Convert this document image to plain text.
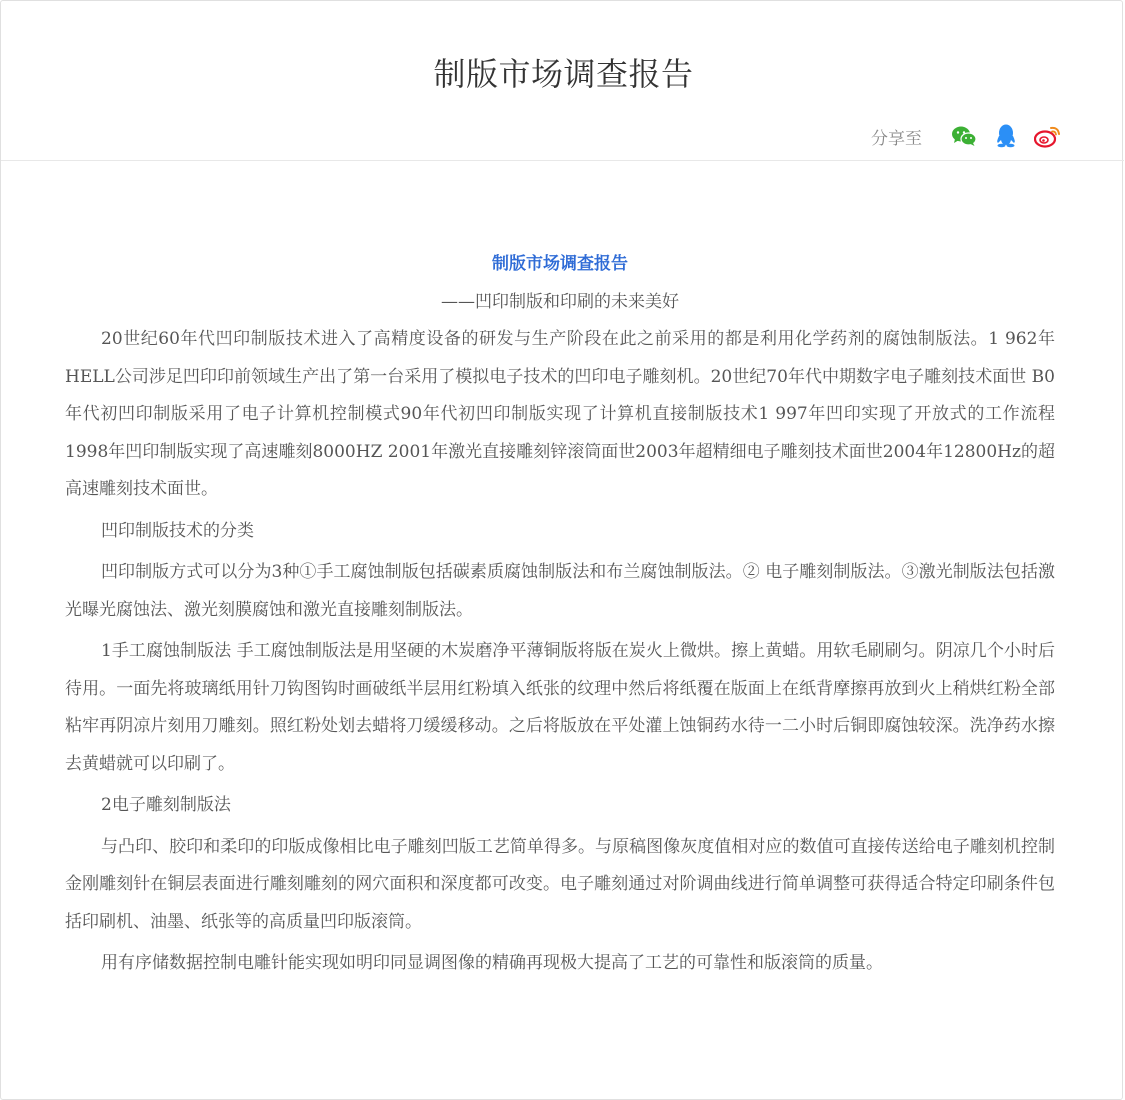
制版市场调查报告
分享至
制版市场调查报告
——凹印制版和印刷的未来美好

20世纪60年代凹印制版技术进入了高精度设备的研发与生产阶段在此之前采用的都是利用化学药剂的腐蚀制版法。1 962年HELL公司涉足凹印印前领域生产出了第一台采用了模拟电子技术的凹印电子雕刻机。20世纪70年代中期数字电子雕刻技术面世 B0年代初凹印制版采用了电子计算机控制模式90年代初凹印制版实现了计算机直接制版技术1 997年凹印实现了开放式的工作流程 1998年凹印制版实现了高速雕刻8000HZ 2001年激光直接雕刻锌滚筒面世2003年超精细电子雕刻技术面世2004年12800Hz的超高速雕刻技术面世。

凹印制版技术的分类

凹印制版方式可以分为3种①手工腐蚀制版包括碳素质腐蚀制版法和布兰腐蚀制版法。② 电子雕刻制版法。③激光制版法包括激光曝光腐蚀法、激光刻膜腐蚀和激光直接雕刻制版法。

1手工腐蚀制版法 手工腐蚀制版法是用坚硬的木炭磨净平薄铜版将版在炭火上微烘。擦上黄蜡。用软毛刷刷匀。阴凉几个小时后待用。一面先将玻璃纸用针刀钩图钩时画破纸半层用红粉填入纸张的纹理中然后将纸覆在版面上在纸背摩擦再放到火上稍烘红粉全部粘牢再阴凉片刻用刀雕刻。照红粉处划去蜡将刀缓缓移动。之后将版放在平处灌上蚀铜药水待一二小时后铜即腐蚀较深。洗净药水擦去黄蜡就可以印刷了。

2电子雕刻制版法

与凸印、胶印和柔印的印版成像相比电子雕刻凹版工艺简单得多。与原稿图像灰度值相对应的数值可直接传送给电子雕刻机控制金刚雕刻针在铜层表面进行雕刻雕刻的网穴面积和深度都可改变。电子雕刻通过对阶调曲线进行简单调整可获得适合特定印刷条件包括印刷机、油墨、纸张等的高质量凹印版滚筒。

用有序储数据控制电雕针能实现如明印同显调图像的精确再现极大提高了工艺的可靠性和版滚筒的质量。
